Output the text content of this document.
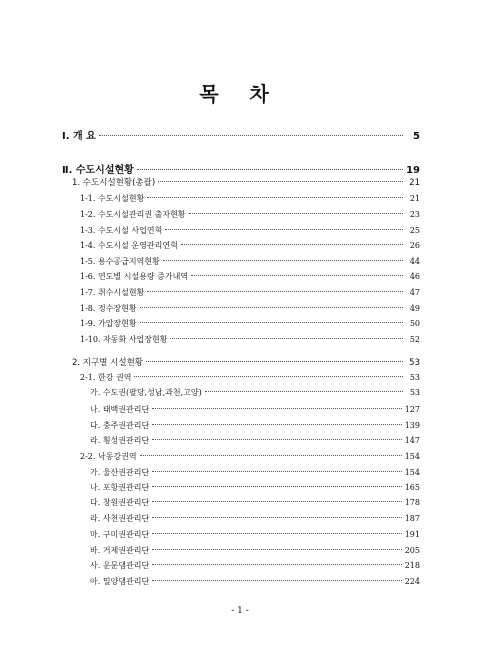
목 차
Ⅰ. 개 요	5
Ⅱ. 수도시설현황	19
1. 수도시설현황(총괄)	21
1-1. 수도시설현황	21
1-2. 수도시설관리권 출자현황	23
1-3. 수도시설 사업연혁	25
1-4. 수도시설 운영관리연혁	26
1-5. 용수공급지역현황	44
1-6. 연도별 시설용량 증가내역	46
1-7. 취수시설현황	47
1-8. 정수장현황	49
1-9. 가압장현황	50
1-10. 자동화 사업장현황	52
2. 지구별 시설현황	53
2-1. 한강 권역	53
가. 수도권(팔당,성남,과천,고양)	53
나. 태백권관리단	127
다. 충주권관리단	139
라. 횡성권관리단	147
2-2. 낙동강권역	154
가. 울산권관리단	154
나. 포항권관리단	165
다. 창원권관리단	178
라. 사천권관리단	187
마. 구미권관리단	191
바. 거제권관리단	205
사. 운문댐관리단	218
아. 밀양댐관리단	224
- 1 -
